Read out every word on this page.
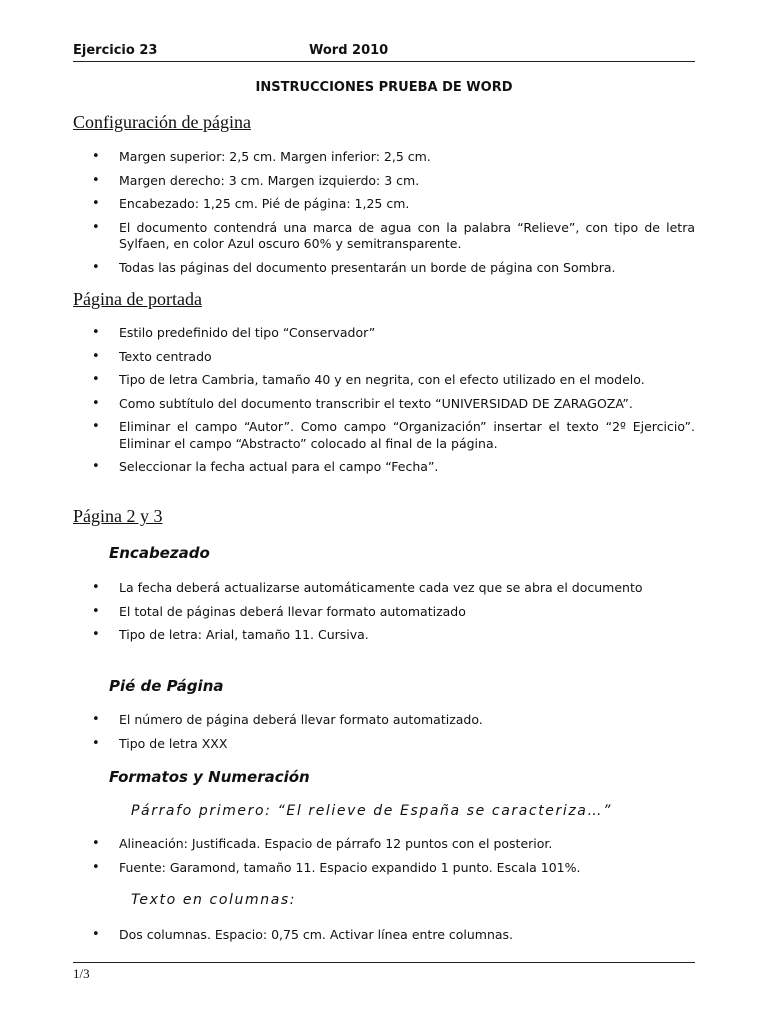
Ejercicio 23	Word 2010
INSTRUCCIONES PRUEBA DE WORD
Configuración de página
• Margen superior: 2,5 cm. Margen inferior: 2,5 cm.
• Margen derecho: 3 cm. Margen izquierdo: 3 cm.
• Encabezado: 1,25 cm. Pié de página: 1,25 cm.
• El documento contendrá una marca de agua con la palabra “Relieve”, con tipo de letra Sylfaen, en color Azul oscuro 60% y semitransparente.
• Todas las páginas del documento presentarán un borde de página con Sombra.
Página de portada
• Estilo predefinido del tipo “Conservador”
• Texto centrado
• Tipo de letra Cambria, tamaño 40 y en negrita, con el efecto utilizado en el modelo.
• Como subtítulo del documento transcribir el texto “UNIVERSIDAD DE ZARAGOZA”.
• Eliminar el campo “Autor”. Como campo “Organización” insertar el texto “2º Ejercicio”. Eliminar el campo “Abstracto” colocado al final de la página.
• Seleccionar la fecha actual para el campo “Fecha”.
Página 2 y 3
Encabezado
• La fecha deberá actualizarse automáticamente cada vez que se abra el documento
• El total de páginas deberá llevar formato automatizado
• Tipo de letra: Arial, tamaño 11. Cursiva.
Pié de Página
• El número de página deberá llevar formato automatizado.
• Tipo de letra XXX
Formatos y Numeración
Párrafo primero: “El relieve de España se caracteriza…”
• Alineación: Justificada. Espacio de párrafo 12 puntos con el posterior.
• Fuente: Garamond, tamaño 11. Espacio expandido 1 punto. Escala 101%.
Texto en columnas:
• Dos columnas. Espacio: 0,75 cm. Activar línea entre columnas.
1/3
